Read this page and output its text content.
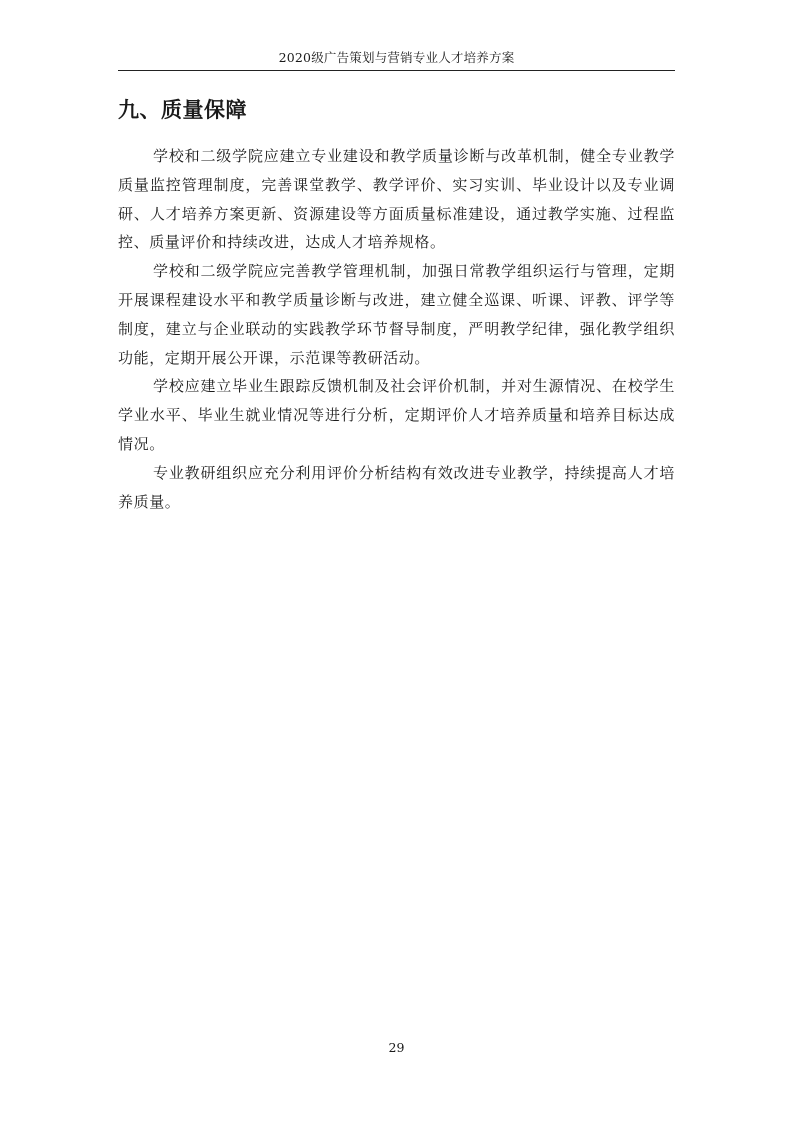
2020级广告策划与营销专业人才培养方案
九、质量保障

学校和二级学院应建立专业建设和教学质量诊断与改革机制，健全专业教学质量监控管理制度，完善课堂教学、教学评价、实习实训、毕业设计以及专业调研、人才培养方案更新、资源建设等方面质量标准建设，通过教学实施、过程监控、质量评价和持续改进，达成人才培养规格。

学校和二级学院应完善教学管理机制，加强日常教学组织运行与管理，定期开展课程建设水平和教学质量诊断与改进，建立健全巡课、听课、评教、评学等制度，建立与企业联动的实践教学环节督导制度，严明教学纪律，强化教学组织功能，定期开展公开课，示范课等教研活动。

学校应建立毕业生跟踪反馈机制及社会评价机制，并对生源情况、在校学生学业水平、毕业生就业情况等进行分析，定期评价人才培养质量和培养目标达成情况。

专业教研组织应充分利用评价分析结构有效改进专业教学，持续提高人才培养质量。

29
